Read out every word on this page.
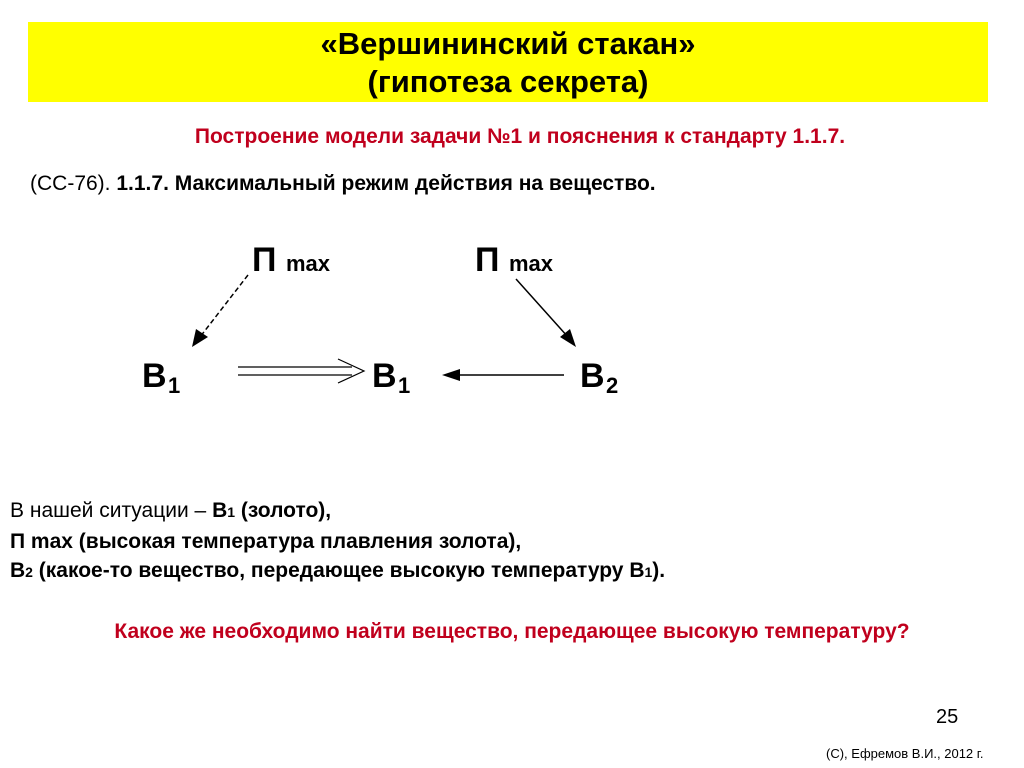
«Вершининский стакан»
(гипотеза секрета)
Построение модели задачи №1 и пояснения к стандарту 1.1.7.
(СС-76). 1.1.7. Максимальный режим действия на вещество.
П max	П max
B 1	B 1	B 2
В нашей ситуации – В1 (золото),
П max (высокая температура плавления золота),
В2 (какое-то вещество, передающее высокую температуру В1).
Какое же необходимо найти вещество, передающее высокую температуру?
25
(С), Ефремов В.И., 2012 г.
